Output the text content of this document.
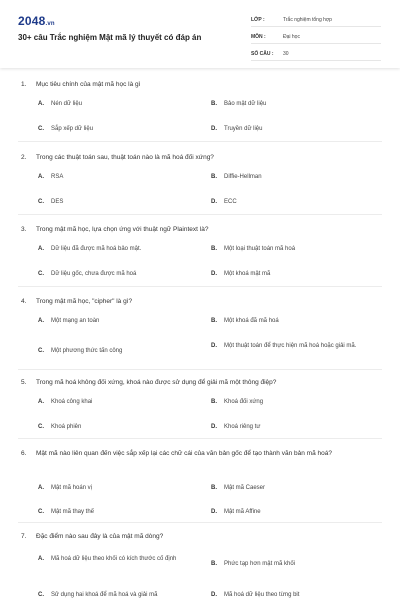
2048.vn
30+ câu Trắc nghiệm Mật mã lý thuyết có đáp án
LỚP :	Trắc nghiệm tổng hợp
MÔN :	Đại học
SỐ CÂU :	30
1.	Mục tiêu chính của mật mã học là gì
A.	Nén dữ liệu	B.	Bảo mật dữ liệu
C.	Sắp xếp dữ liệu	D.	Truyền dữ liệu
2.	Trong các thuật toán sau, thuật toán nào là mã hoá đối xứng?
A.	RSA	B.	Diffie-Hellman
C.	DES	D.	ECC
3.	Trong mật mã học, lựa chọn ứng với thuật ngữ Plaintext là?
A.	Dữ liệu đã được mã hoá bảo mật.	B.	Một loại thuật toán mã hoá
C.	Dữ liệu gốc, chưa được mã hoá	D.	Một khoá mật mã
4.	Trong mật mã học, "cipher" là gì?
A.	Một mạng an toàn	B.	Một khoá đã mã hoá
C.	Một phương thức tấn công
D.	Một thuật toán để thực hiện mã hoá hoặc giải mã.
5.	Trong mã hoá không đối xứng, khoá nào được sử dụng để giải mã một thông điệp?
A.	Khoá công khai	B.	Khoá đối xứng
C.	Khoá phiên	D.	Khoá riêng tư
6.	Mật mã nào liên quan đến việc sắp xếp lại các chữ cái của văn bản gốc để tạo thành văn bản mã hoá?
A.	Mật mã hoán vị	B.	Mật mã Caeser
C.	Mật mã thay thế	D.	Mật mã Affine
7.	Đặc điểm nào sau đây là của mật mã dòng?
A.	Mã hoá dữ liệu theo khối có kích thước cố định
B.	Phức tạp hơn mật mã khối
C.	Sử dụng hai khoá để mã hoá và giải mã	D.	Mã hoá dữ liệu theo từng bit
